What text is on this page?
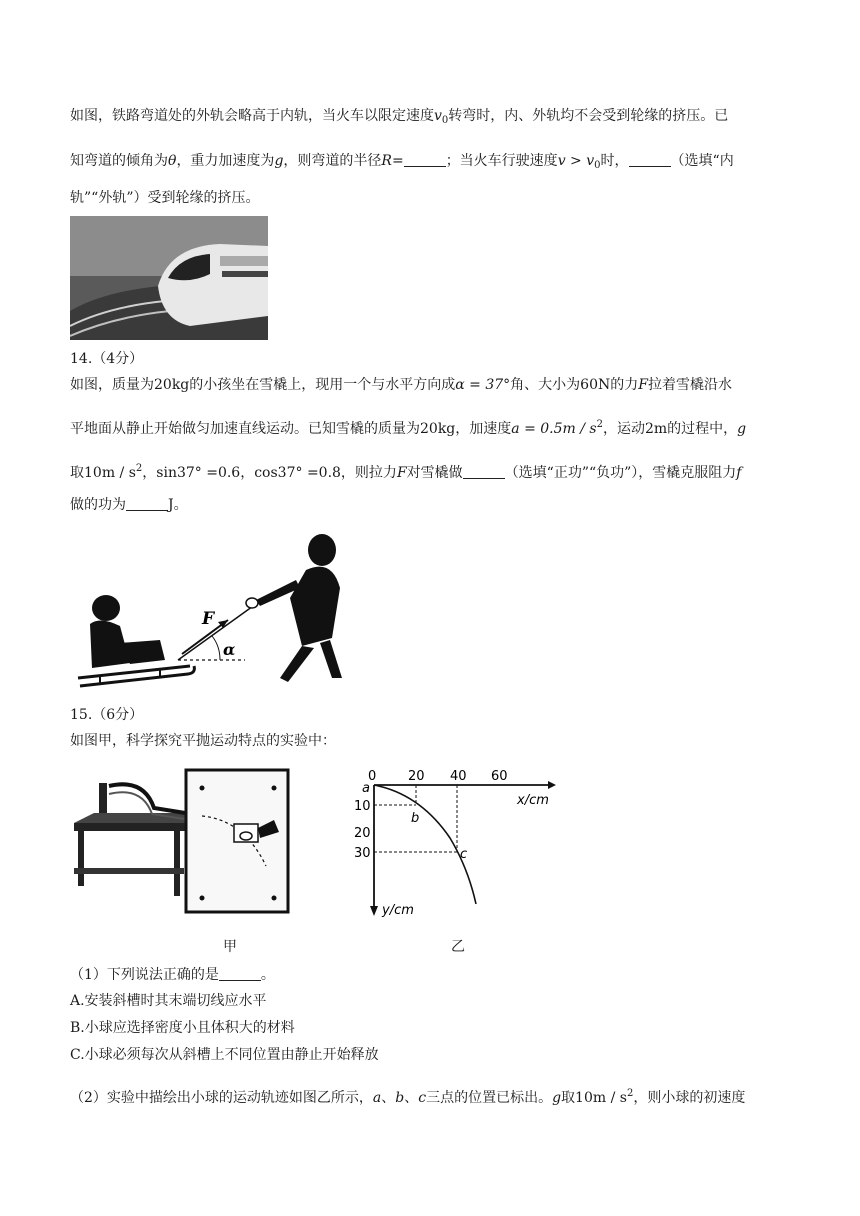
如图，铁路弯道处的外轨会略高于内轨，当火车以限定速度$v_0$转弯时，内、外轨均不会受到轮缘的挤压。已
知弯道的倾角为θ，重力加速度为g，则弯道的半径R=	；当火车行驶速度$v > v_0$时，	（选填“内
轨”“外轨”）受到轮缘的挤压。
14.（4分）
如图，质量为20kg的小孩坐在雪橇上，现用一个与水平方向成α = 37°角、大小为60N的力F拉着雪橇沿水
平地面从静止开始做匀加速直线运动。已知雪橇的质量为20kg，加速度$a = 0.5m / s^2$，运动2m的过程中，g
取$10m / s^2$，sin37° =0.6，cos37° =0.8，则拉力F对雪橇做	（选填“正功”“负功”），雪橇克服阻力f
做的功为	J。
F
α
15.（6分）
如图甲，科学探究平抛运动特点的实验中：
甲
0 20 40 60
x/cm
10
20
30
y/cm
a
b
c
乙
（1）下列说法正确的是	。
A.安装斜槽时其末端切线应水平
B.小球应选择密度小且体积大的材料
C.小球必须每次从斜槽上不同位置由静止开始释放
（2）实验中描绘出小球的运动轨迹如图乙所示，a、b、c三点的位置已标出。g取$10m / s^2$，则小球的初速度
